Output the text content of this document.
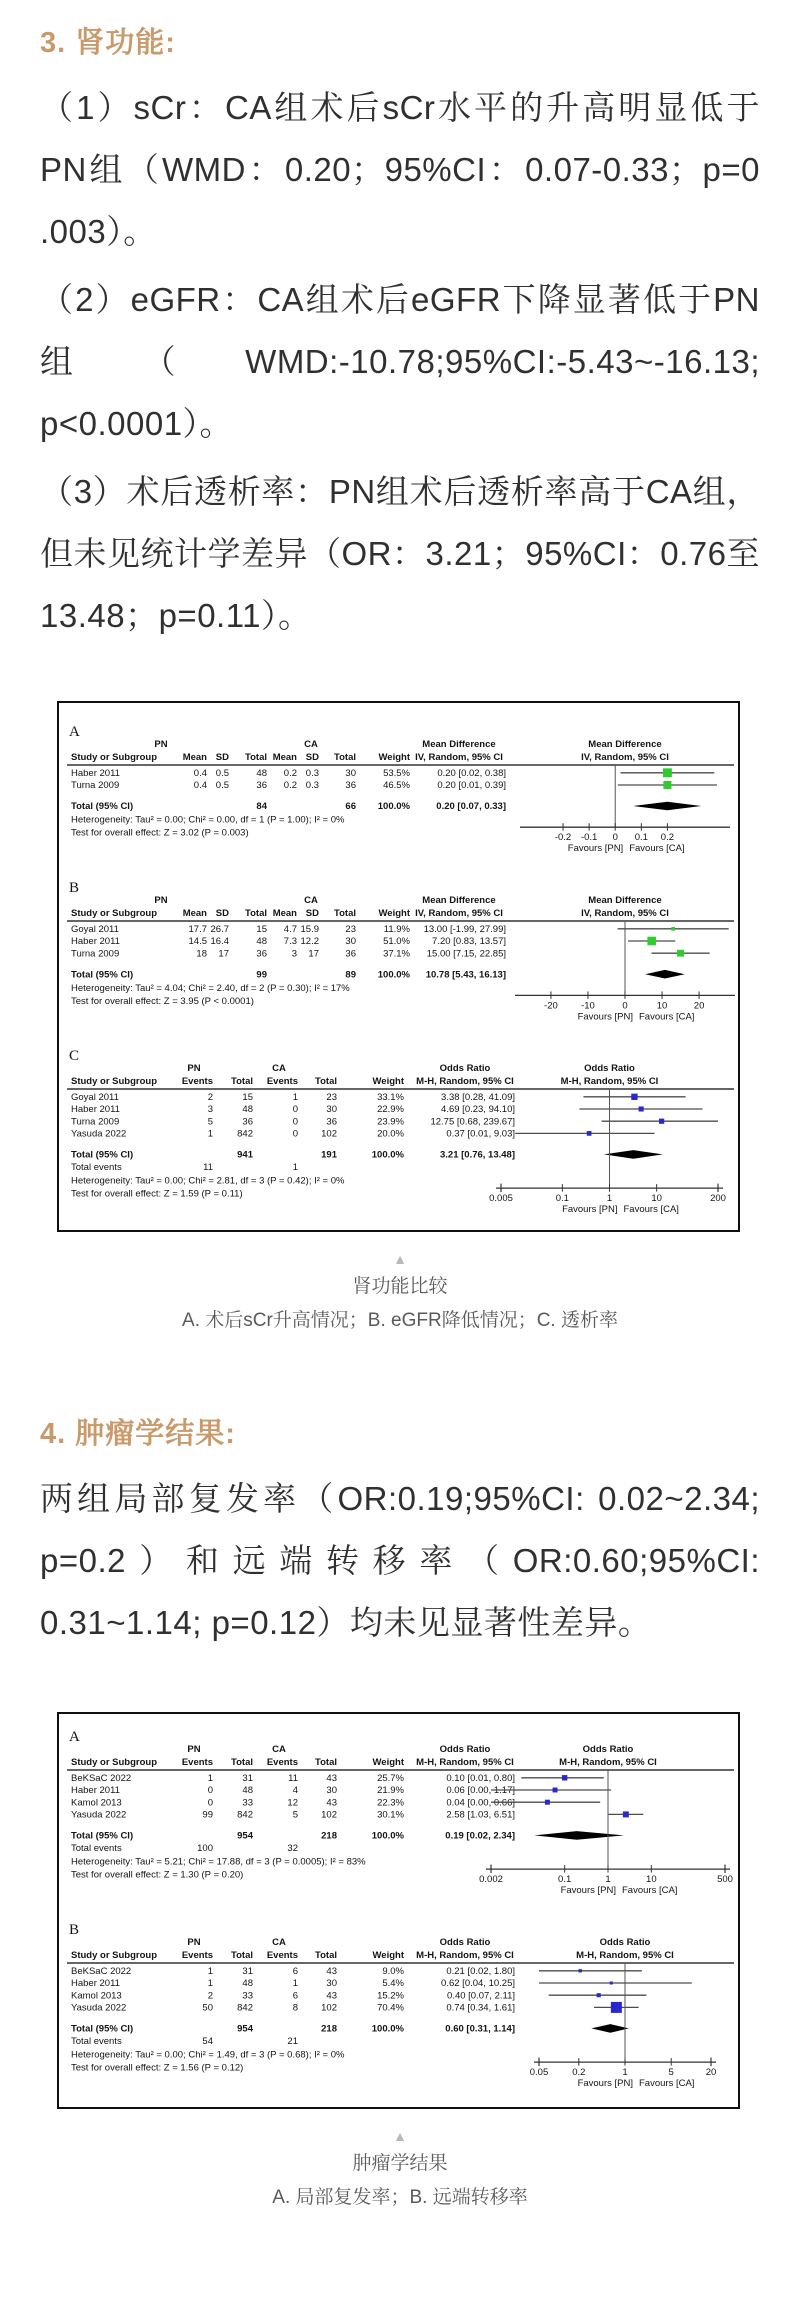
3. 肾功能:

（1）sCr：CA组术后sCr水平的升高明显低于PN组（WMD：0.20；95%CI：0.07-0.33；p=0 .003）。

（2）eGFR：CA组术后eGFR下降显著低于PN组（WMD:-10.78;95%CI:-5.43~-16.13; p<0.0001）。

（3）术后透析率：PN组术后透析率高于CA组，但未见统计学差异（OR：3.21；95%CI：0.76至13.48；p=0.11）。

A
PN	CA	Mean Difference
IV, Random, 95% CI
Mean Difference
IV, Random, 95% CI
Study or Subgroup	Mean SD Total Mean SD Total Weight
Haber 2011	0.4 0.5	48 0.2 0.3	30	53.5%	0.20 [0.02, 0.38]
Turna 2009	0.4 0.5	36 0.2 0.3	36	46.5%	0.20 [0.01, 0.39]
Total (95% CI)	84	66 100.0%	0.20 [0.07, 0.33]
Heterogeneity: Tau² = 0.00; Chi² = 0.00, df = 1 (P = 1.00); I² = 0%
Test for overall effect: Z = 3.02 (P = 0.003)	-0.2 -0.1 0 0.1 0.2
Favours [PN] Favours [CA]
B
PN	CA	Mean Difference
IV, Random, 95% CI
Mean Difference
IV, Random, 95% CI
Study or Subgroup	Mean SD Total Mean SD Total Weight
Goyal 2011	17.7 26.7	15 4.7 15.9	23	11.9% 13.00 [-1.99, 27.99]
Haber 2011	14.5 16.4	48 7.3 12.2	30	51.0% 7.20 [0.83, 13.57]
Turna 2009	18 17	36	3 17	36	37.1% 15.00 [7.15, 22.85]
Total (95% CI)	99	89 100.0% 10.78 [5.43, 16.13]
Heterogeneity: Tau² = 4.04; Chi² = 2.40, df = 2 (P = 0.30); I² = 17%
Test for overall effect: Z = 3.95 (P < 0.0001)	-20 -10	0	10	20
Favours [PN] Favours [CA]
C
PN	CA	Odds Ratio
M-H, Random, 95% CI
Odds Ratio
M-H, Random, 95% CI
Study or Subgroup	Events Total Events Total	Weight
Goyal 2011	2	15	1	23	33.1%	3.38 [0.28, 41.09]
Haber 2011	3	48	0	30	22.9%	4.69 [0.23, 94.10]
Turna 2009	5	36	0	36	23.9%	12.75 [0.68, 239.67]
Yasuda 2022	1	842	0 102	20.0%	0.37 [0.01, 9.03]
Total (95% CI)	941	191	100.0%	3.21 [0.76, 13.48]
Total events	11	1
Heterogeneity: Tau² = 0.00; Chi² = 2.81, df = 3 (P = 0.42); I² = 0%
Test for overall effect: Z = 1.59 (P = 0.11)	0.005	0.1	1	10	200
Favours [PN] Favours [CA]
▲
肾功能比较
A. 术后sCr升高情况；B. eGFR降低情况；C. 透析率
4. 肿瘤学结果:

两组局部复发率（OR:0.19;95%CI: 0.02~2.34; p=0.2）和远端转移率（OR:0.60;95%CI: 0.31~1.14; p=0.12）均未见显著性差异。

A
PN	CA	Odds Ratio
M-H, Random, 95% CI
Odds Ratio
M-H, Random, 95% CI
Study or Subgroup	Events Total Events Total	Weight
BeKSaC 2022	1	31	11	43	25.7%	0.10 [0.01, 0.80]
Haber 2011	0	48	4	30	21.9%	0.06 [0.00, 1.17]
Kamol 2013	0	33	12	43	22.3%	0.04 [0.00, 0.66]
Yasuda 2022	99	842	5 102	30.1%	2.58 [1.03, 6.51]
Total (95% CI)	954	218	100.0%	0.19 [0.02, 2.34]
Total events	100	32
Heterogeneity: Tau² = 5.21; Chi² = 17.88, df = 3 (P = 0.0005); I² = 83%
Test for overall effect: Z = 1.30 (P = 0.20)	0.002	0.1	1	10	500
Favours [PN] Favours [CA]
B
PN	CA	Odds Ratio
M-H, Random, 95% CI
Odds Ratio
M-H, Random, 95% CI
Study or Subgroup	Events Total Events Total	Weight
BeKSaC 2022	1	31	6	43	9.0%	0.21 [0.02, 1.80]
Haber 2011	1	48	1	30	5.4%	0.62 [0.04, 10.25]
Kamol 2013	2	33	6	43	15.2%	0.40 [0.07, 2.11]
Yasuda 2022	50	842	8 102	70.4%	0.74 [0.34, 1.61]
Total (95% CI)	954	218	100.0%	0.60 [0.31, 1.14]
Total events	54	21
Heterogeneity: Tau² = 0.00; Chi² = 1.49, df = 3 (P = 0.68); I² = 0%
Test for overall effect: Z = 1.56 (P = 0.12)	0.05	0.2	1	5	20
Favours [PN] Favours [CA]
▲
肿瘤学结果
A. 局部复发率；B. 远端转移率
